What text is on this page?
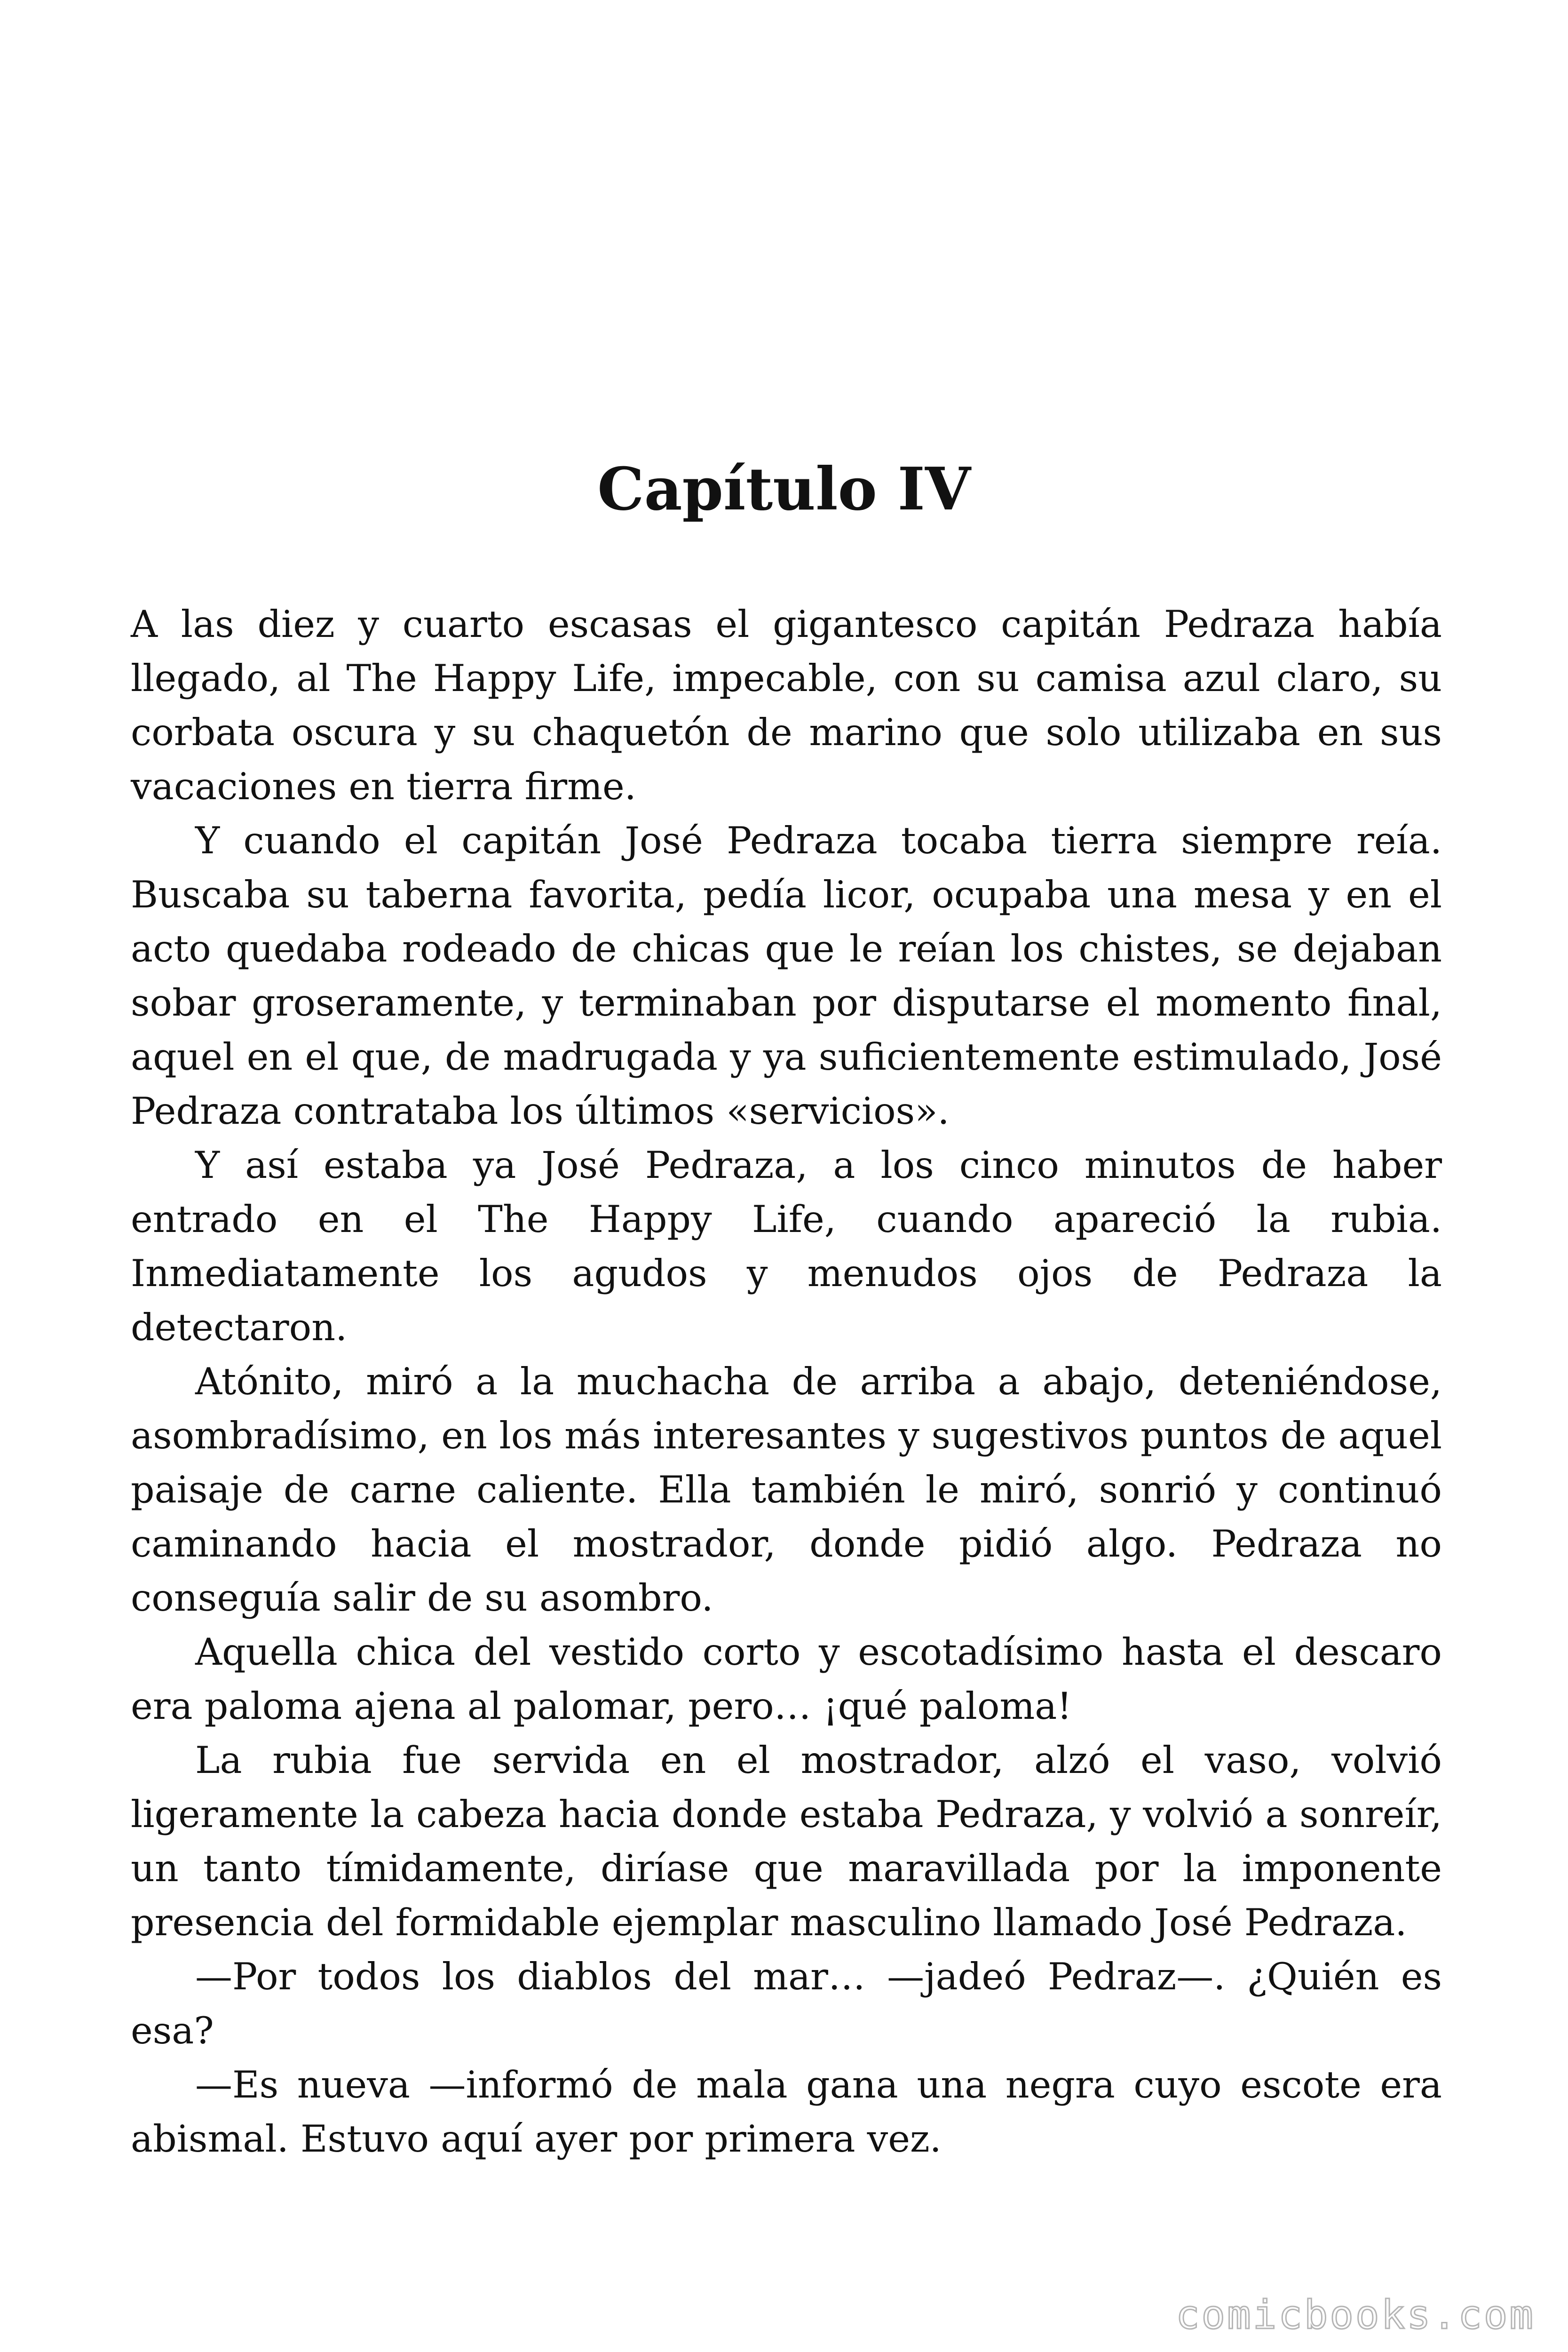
Capítulo IV

A las diez y cuarto escasas el gigantesco capitán Pedraza había llegado, al The Happy Life, impecable, con su camisa azul claro, su corbata oscura y su chaquetón de marino que solo utilizaba en sus vacaciones en tierra firme.

Y cuando el capitán José Pedraza tocaba tierra siempre reía. Buscaba su taberna favorita, pedía licor, ocupaba una mesa y en el acto quedaba rodeado de chicas que le reían los chistes, se dejaban sobar groseramente, y terminaban por disputarse el momento final, aquel en el que, de madrugada y ya suficientemente estimulado, José Pedraza contrataba los últimos «servicios».

Y así estaba ya José Pedraza, a los cinco minutos de haber entrado en el The Happy Life, cuando apareció la rubia. Inmediatamente los agudos y menudos ojos de Pedraza la detectaron.

Atónito, miró a la muchacha de arriba a abajo, deteniéndose, asombradísimo, en los más interesantes y sugestivos puntos de aquel paisaje de carne caliente. Ella también le miró, sonrió y continuó caminando hacia el mostrador, donde pidió algo. Pedraza no conseguía salir de su asombro.

Aquella chica del vestido corto y escotadísimo hasta el descaro era paloma ajena al palomar, pero… ¡qué paloma!

La rubia fue servida en el mostrador, alzó el vaso, volvió ligeramente la cabeza hacia donde estaba Pedraza, y volvió a sonreír, un tanto tímidamente, diríase que maravillada por la imponente presencia del formidable ejemplar masculino llamado José Pedraza.

—Por todos los diablos del mar… —jadeó Pedraz—. ¿Quién es esa?

—Es nueva —informó de mala gana una negra cuyo escote era abismal. Estuvo aquí ayer por primera vez.

comicbooks.com
